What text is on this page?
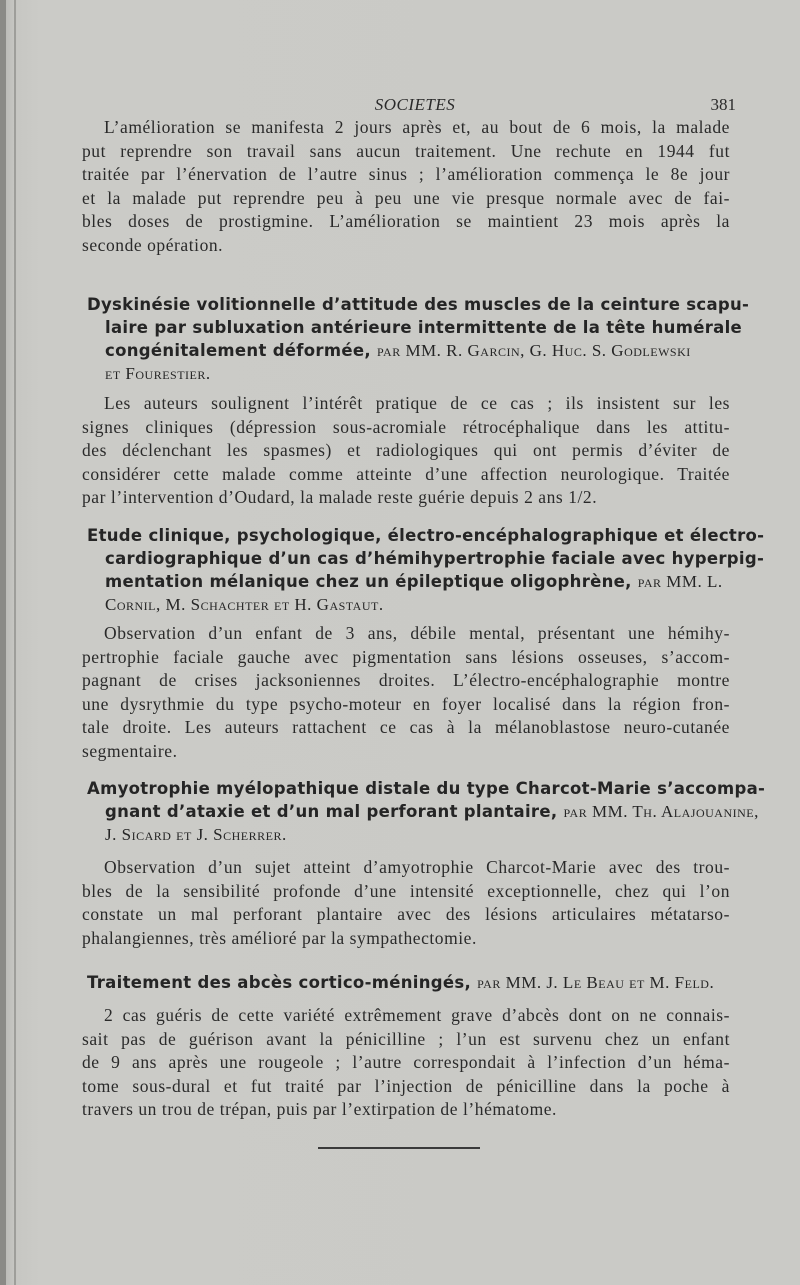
SOCIETES	381
L’amélioration se manifesta 2 jours après et, au bout de 6 mois, la malade
put reprendre son travail sans aucun traitement. Une rechute en 1944 fut
traitée par l’énervation de l’autre sinus ; l’amélioration commença le 8e jour
et la malade put reprendre peu à peu une vie presque normale avec de fai-
bles doses de prostigmine. L’amélioration se maintient 23 mois après la
seconde opération.
Dyskinésie volitionnelle d’attitude des muscles de la ceinture scapu-
laire par subluxation antérieure intermittente de la tête humérale
congénitalement déformée, par MM. R. Garcin, G. Huc. S. Godlewski
et Fourestier.
Les auteurs soulignent l’intérêt pratique de ce cas ; ils insistent sur les
signes cliniques (dépression sous-acromiale rétrocéphalique dans les attitu-
des déclenchant les spasmes) et radiologiques qui ont permis d’éviter de
considérer cette malade comme atteinte d’une affection neurologique. Traitée
par l’intervention d’Oudard, la malade reste guérie depuis 2 ans 1/2.
Etude clinique, psychologique, électro-encéphalographique et électro-
cardiographique d’un cas d’hémihypertrophie faciale avec hyperpig-
mentation mélanique chez un épileptique oligophrène, par MM. L.
Cornil, M. Schachter et H. Gastaut.
Observation d’un enfant de 3 ans, débile mental, présentant une hémihy-
pertrophie faciale gauche avec pigmentation sans lésions osseuses, s’accom-
pagnant de crises jacksoniennes droites. L’électro-encéphalographie montre
une dysrythmie du type psycho-moteur en foyer localisé dans la région fron-
tale droite. Les auteurs rattachent ce cas à la mélanoblastose neuro-cutanée
segmentaire.
Amyotrophie myélopathique distale du type Charcot-Marie s’accompa-
gnant d’ataxie et d’un mal perforant plantaire, par MM. Th. Alajouanine,
J. Sicard et J. Scherrer.
Observation d’un sujet atteint d’amyotrophie Charcot-Marie avec des trou-
bles de la sensibilité profonde d’une intensité exceptionnelle, chez qui l’on
constate un mal perforant plantaire avec des lésions articulaires métatarso-
phalangiennes, très amélioré par la sympathectomie.
Traitement des abcès cortico-méningés, par MM. J. Le Beau et M. Feld.
2 cas guéris de cette variété extrêmement grave d’abcès dont on ne connais-
sait pas de guérison avant la pénicilline ; l’un est survenu chez un enfant
de 9 ans après une rougeole ; l’autre correspondait à l’infection d’un héma-
tome sous-dural et fut traité par l’injection de pénicilline dans la poche à
travers un trou de trépan, puis par l’extirpation de l’hématome.
